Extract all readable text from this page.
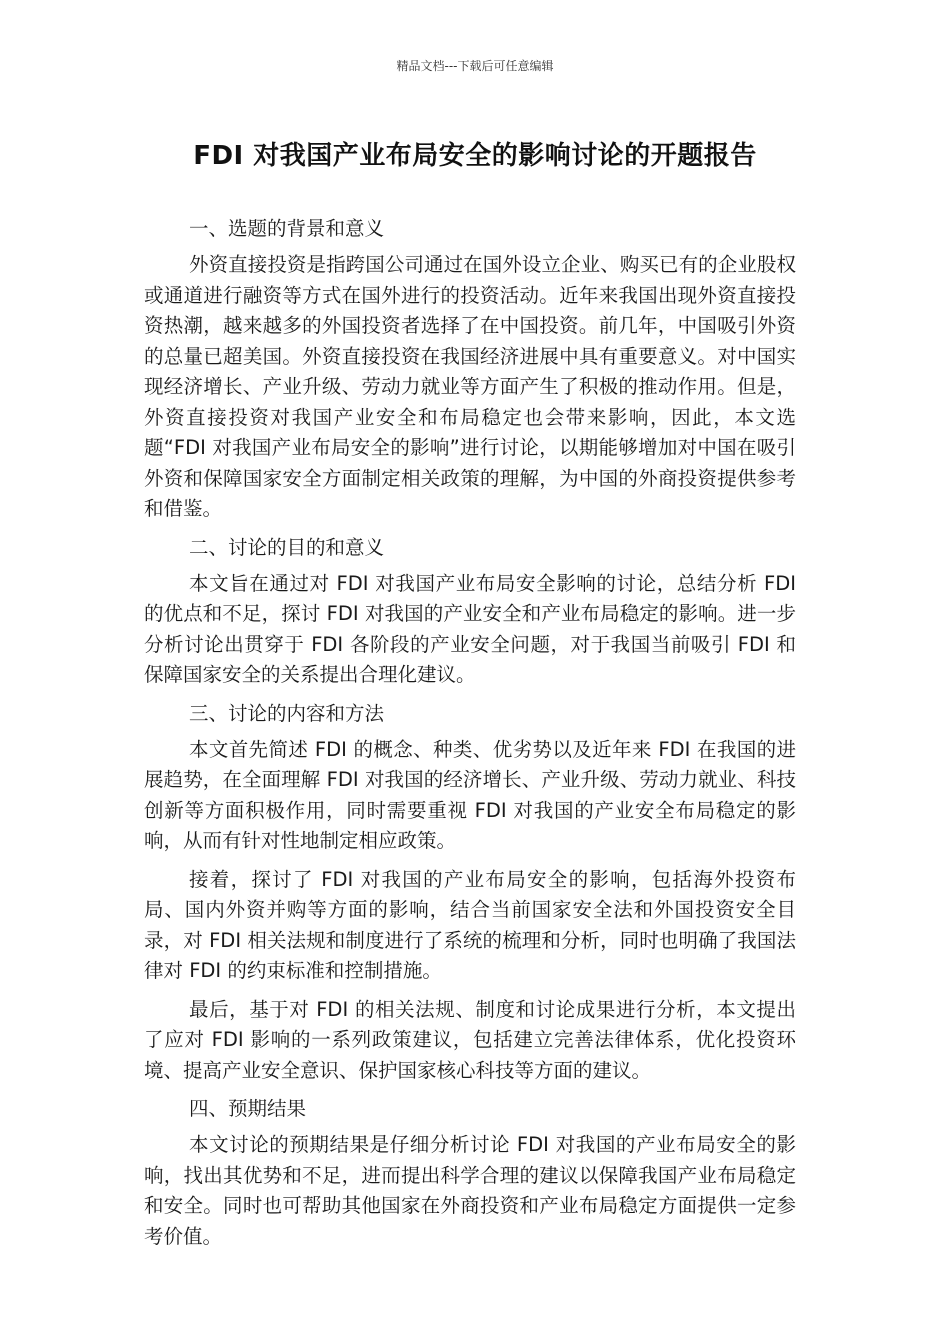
精品文档---下载后可任意编辑
FDI 对我国产业布局安全的影响讨论的开题报告

一、选题的背景和意义

外资直接投资是指跨国公司通过在国外设立企业、购买已有的企业股权或通道进行融资等方式在国外进行的投资活动。近年来我国出现外资直接投资热潮，越来越多的外国投资者选择了在中国投资。前几年，中国吸引外资的总量已超美国。外资直接投资在我国经济进展中具有重要意义。对中国实现经济增长、产业升级、劳动力就业等方面产生了积极的推动作用。但是，外资直接投资对我国产业安全和布局稳定也会带来影响，因此，本文选题“FDI 对我国产业布局安全的影响”进行讨论，以期能够增加对中国在吸引外资和保障国家安全方面制定相关政策的理解，为中国的外商投资提供参考和借鉴。

二、讨论的目的和意义

本文旨在通过对 FDI 对我国产业布局安全影响的讨论，总结分析 FDI 的优点和不足，探讨 FDI 对我国的产业安全和产业布局稳定的影响。进一步分析讨论出贯穿于 FDI 各阶段的产业安全问题，对于我国当前吸引 FDI 和保障国家安全的关系提出合理化建议。

三、讨论的内容和方法

本文首先简述 FDI 的概念、种类、优劣势以及近年来 FDI 在我国的进展趋势，在全面理解 FDI 对我国的经济增长、产业升级、劳动力就业、科技创新等方面积极作用，同时需要重视 FDI 对我国的产业安全布局稳定的影响，从而有针对性地制定相应政策。

接着，探讨了 FDI 对我国的产业布局安全的影响，包括海外投资布局、国内外资并购等方面的影响，结合当前国家安全法和外国投资安全目录，对 FDI 相关法规和制度进行了系统的梳理和分析，同时也明确了我国法律对 FDI 的约束标准和控制措施。

最后，基于对 FDI 的相关法规、制度和讨论成果进行分析，本文提出了应对 FDI 影响的一系列政策建议，包括建立完善法律体系，优化投资环境、提高产业安全意识、保护国家核心科技等方面的建议。

四、预期结果

本文讨论的预期结果是仔细分析讨论 FDI 对我国的产业布局安全的影响，找出其优势和不足，进而提出科学合理的建议以保障我国产业布局稳定和安全。同时也可帮助其他国家在外商投资和产业布局稳定方面提供一定参考价值。
